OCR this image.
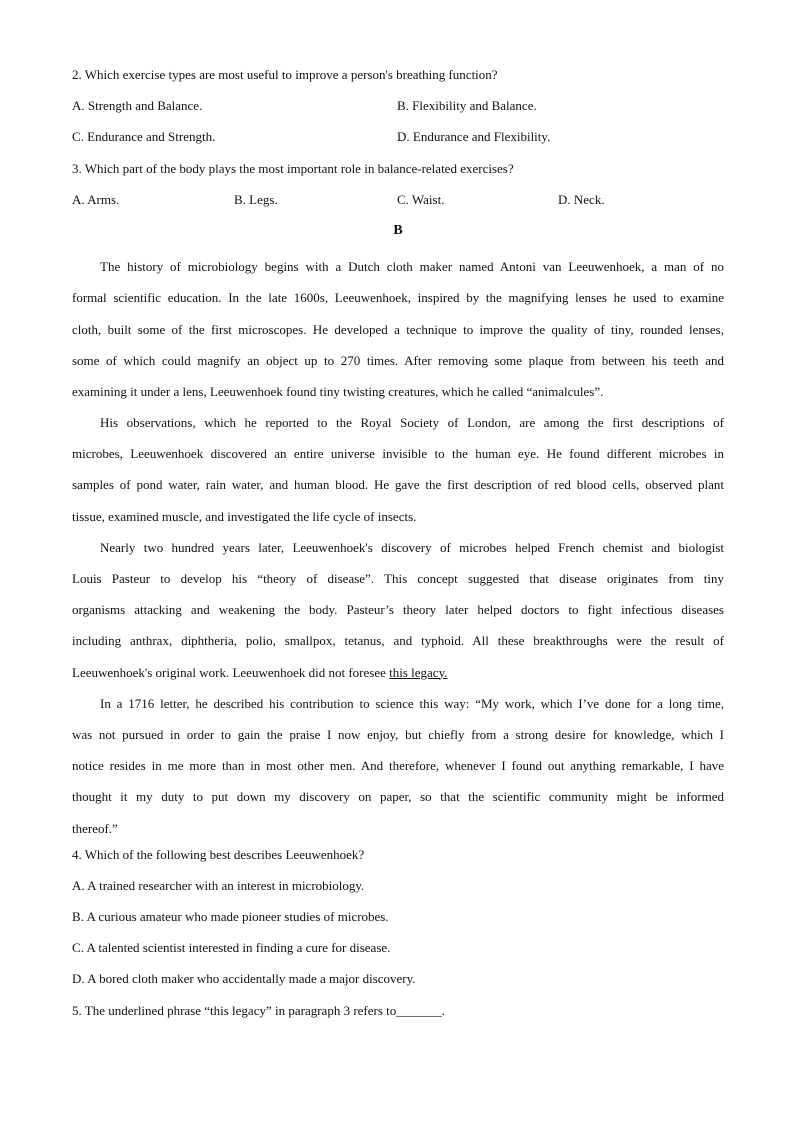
2. Which exercise types are most useful to improve a person's breathing function?
A. Strength and Balance.	B. Flexibility and Balance.
C. Endurance and Strength.	D. Endurance and Flexibility.
3. Which part of the body plays the most important role in balance-related exercises?
A. Arms.	B. Legs.	C. Waist.	D. Neck.
B
The history of microbiology begins with a Dutch cloth maker named Antoni van Leeuwenhoek, a man of no
formal scientific education. In the late 1600s, Leeuwenhoek, inspired by the magnifying lenses he used to examine
cloth, built some of the first microscopes. He developed a technique to improve the quality of tiny, rounded lenses,
some of which could magnify an object up to 270 times. After removing some plaque from between his teeth and
examining it under a lens, Leeuwenhoek found tiny twisting creatures, which he called “animalcules”.
His observations, which he reported to the Royal Society of London, are among the first descriptions of
microbes, Leeuwenhoek discovered an entire universe invisible to the human eye. He found different microbes in
samples of pond water, rain water, and human blood. He gave the first description of red blood cells, observed plant
tissue, examined muscle, and investigated the life cycle of insects.
Nearly two hundred years later, Leeuwenhoek's discovery of microbes helped French chemist and biologist
Louis Pasteur to develop his “theory of disease”. This concept suggested that disease originates from tiny
organisms attacking and weakening the body. Pasteur’s theory later helped doctors to fight infectious diseases
including anthrax, diphtheria, polio, smallpox, tetanus, and typhoid. All these breakthroughs were the result of
Leeuwenhoek's original work. Leeuwenhoek did not foresee this legacy.
In a 1716 letter, he described his contribution to science this way: “My work, which I’ve done for a long time,
was not pursued in order to gain the praise I now enjoy, but chiefly from a strong desire for knowledge, which I
notice resides in me more than in most other men. And therefore, whenever I found out anything remarkable, I have
thought it my duty to put down my discovery on paper, so that the scientific community might be informed
thereof.”
4. Which of the following best describes Leeuwenhoek?
A. A trained researcher with an interest in microbiology.
B. A curious amateur who made pioneer studies of microbes.
C. A talented scientist interested in finding a cure for disease.
D. A bored cloth maker who accidentally made a major discovery.
5. The underlined phrase “this legacy” in paragraph 3 refers to_______.
